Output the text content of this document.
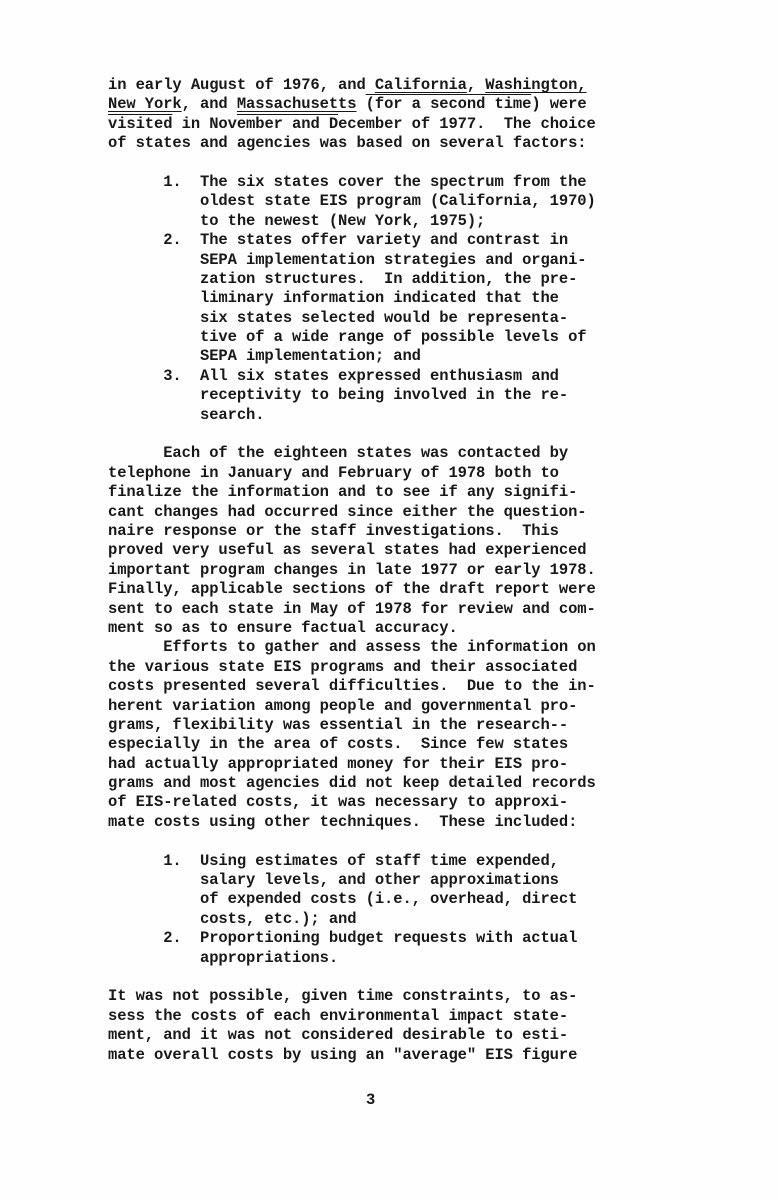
in early August of 1976, and California, Washington,
New York, and Massachusetts (for a second time) were
visited in November and December of 1977.  The choice
of states and agencies was based on several factors:

1.  The six states cover the spectrum from the
oldest state EIS program (California, 1970)
to the newest (New York, 1975);
2.  The states offer variety and contrast in
SEPA implementation strategies and organi-
zation structures.  In addition, the pre-
liminary information indicated that the
six states selected would be representa-
tive of a wide range of possible levels of
SEPA implementation; and
3.  All six states expressed enthusiasm and
receptivity to being involved in the re-
search.

Each of the eighteen states was contacted by
telephone in January and February of 1978 both to
finalize the information and to see if any signifi-
cant changes had occurred since either the question-
naire response or the staff investigations.  This
proved very useful as several states had experienced
important program changes in late 1977 or early 1978.
Finally, applicable sections of the draft report were
sent to each state in May of 1978 for review and com-
ment so as to ensure factual accuracy.
Efforts to gather and assess the information on
the various state EIS programs and their associated
costs presented several difficulties.  Due to the in-
herent variation among people and governmental pro-
grams, flexibility was essential in the research--
especially in the area of costs.  Since few states
had actually appropriated money for their EIS pro-
grams and most agencies did not keep detailed records
of EIS-related costs, it was necessary to approxi-
mate costs using other techniques.  These included:

1.  Using estimates of staff time expended,
salary levels, and other approximations
of expended costs (i.e., overhead, direct
costs, etc.); and
2.  Proportioning budget requests with actual
appropriations.

It was not possible, given time constraints, to as-
sess the costs of each environmental impact state-
ment, and it was not considered desirable to esti-
mate overall costs by using an "average" EIS figure
3
